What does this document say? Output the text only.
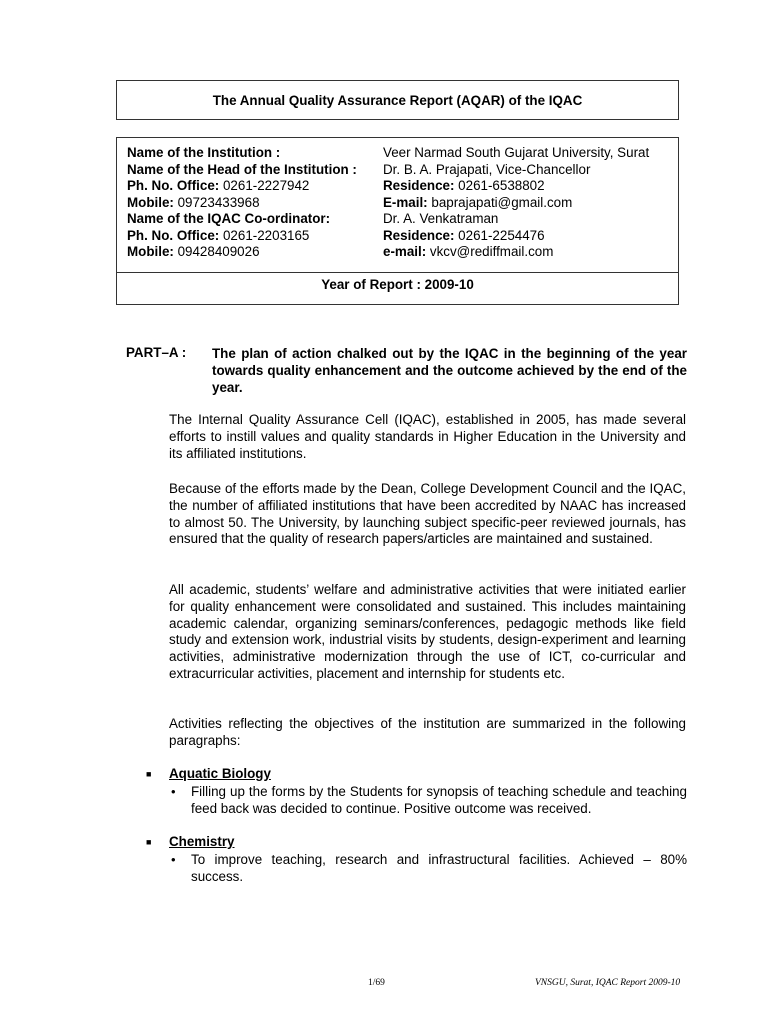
The Annual Quality Assurance Report (AQAR) of the IQAC
Name of the Institution :	Veer Narmad South Gujarat University, Surat
Name of the Head of the Institution : Dr. B. A. Prajapati, Vice-Chancellor
Ph. No. Office: 0261-2227942	Residence: 0261-6538802
Mobile: 09723433968	E-mail: baprajapati@gmail.com
Name of the IQAC Co-ordinator:	Dr. A. Venkatraman
Ph. No. Office: 0261-2203165	Residence: 0261-2254476
Mobile: 09428409026	e-mail: vkcv@rediffmail.com
Year of Report : 2009-10
PART–A : The plan of action chalked out by the IQAC in the beginning of the year towards quality enhancement and the outcome achieved by the end of the year.
The Internal Quality Assurance Cell (IQAC), established in 2005, has made several efforts to instill values and quality standards in Higher Education in the University and its affiliated institutions.
Because of the efforts made by the Dean, College Development Council and the IQAC, the number of affiliated institutions that have been accredited by NAAC has increased to almost 50. The University, by launching subject specific-peer reviewed journals, has ensured that the quality of research papers/articles are maintained and sustained.
All academic, students’ welfare and administrative activities that were initiated earlier for quality enhancement were consolidated and sustained. This includes maintaining academic calendar, organizing seminars/conferences, pedagogic methods like field study and extension work, industrial visits by students, design-experiment and learning activities, administrative modernization through the use of ICT, co-curricular and extracurricular activities, placement and internship for students etc.
Activities reflecting the objectives of the institution are summarized in the following paragraphs:
■ Aquatic Biology
• Filling up the forms by the Students for synopsis of teaching schedule and teaching feed back was decided to continue. Positive outcome was received.
■ Chemistry
• To improve teaching, research and infrastructural facilities. Achieved – 80% success.
1/69	VNSGU, Surat, IQAC Report 2009-10
